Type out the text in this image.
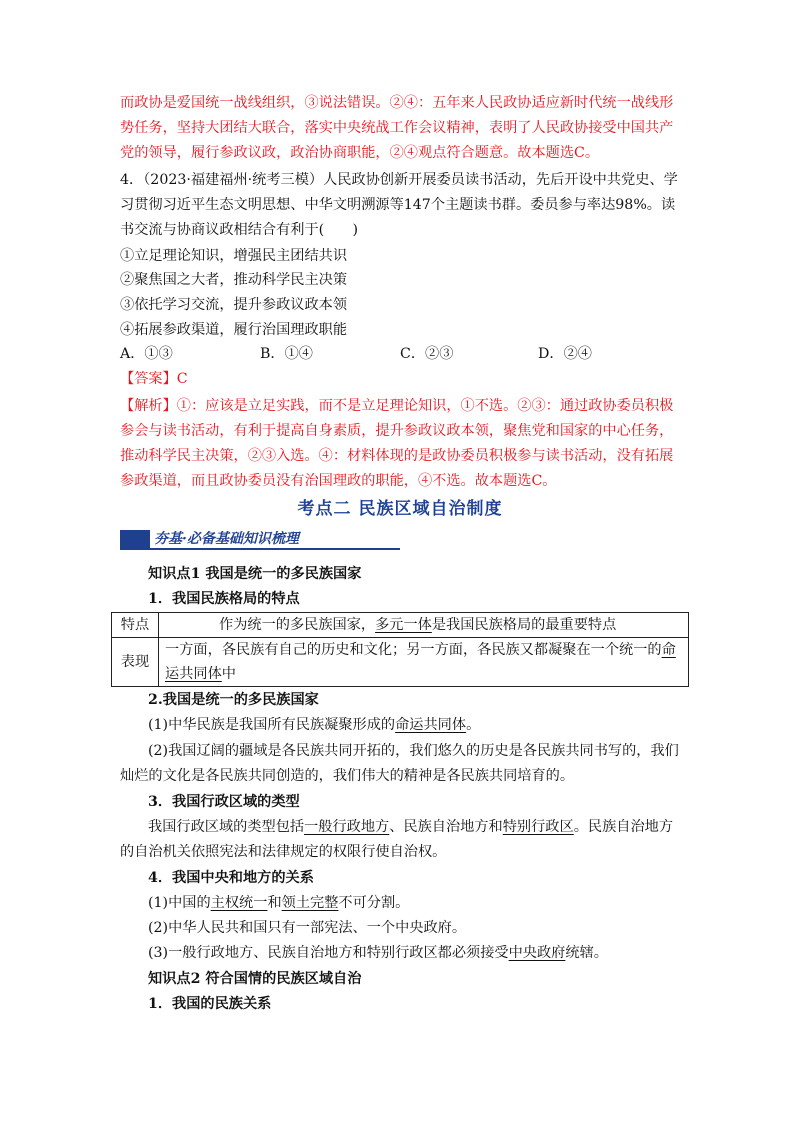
而政协是爱国统一战线组织，③说法错误。②④：五年来人民政协适应新时代统一战线形
势任务，坚持大团结大联合，落实中央统战工作会议精神，表明了人民政协接受中国共产
党的领导，履行参政议政，政治协商职能，②④观点符合题意。故本题选C。
4．（2023·福建福州·统考三模）人民政协创新开展委员读书活动，先后开设中共党史、学
习贯彻习近平生态文明思想、中华文明溯源等147个主题读书群。委员参与率达98%。读
书交流与协商议政相结合有利于(　　)
①立足理论知识，增强民主团结共识
②聚焦国之大者，推动科学民主决策
③依托学习交流，提升参政议政本领
④拓展参政渠道，履行治国理政职能
A．①③	B．①④	C．②③	D．②④
【答案】C
【解析】①：应该是立足实践，而不是立足理论知识，①不选。②③：通过政协委员积极
参会与读书活动，有利于提高自身素质，提升参政议政本领，聚焦党和国家的中心任务，
推动科学民主决策，②③入选。④：材料体现的是政协委员积极参与读书活动，没有拓展
参政渠道，而且政协委员没有治国理政的职能，④不选。故本题选C。
考点二 民族区域自治制度
夯基·必备基础知识梳理
知识点1 我国是统一的多民族国家
1．我国民族格局的特点
特点	作为统一的多民族国家，多元一体是我国民族格局的最重要特点
表现	一方面，各民族有自己的历史和文化；另一方面，各民族又都凝聚在一个统一的命运共同体中
2.我国是统一的多民族国家
(1)中华民族是我国所有民族凝聚形成的命运共同体。
(2)我国辽阔的疆域是各民族共同开拓的，我们悠久的历史是各民族共同书写的，我们
灿烂的文化是各民族共同创造的，我们伟大的精神是各民族共同培育的。
3．我国行政区域的类型
我国行政区域的类型包括一般行政地方、民族自治地方和特别行政区。民族自治地方
的自治机关依照宪法和法律规定的权限行使自治权。
4．我国中央和地方的关系
(1)中国的主权统一和领土完整不可分割。
(2)中华人民共和国只有一部宪法、一个中央政府。
(3)一般行政地方、民族自治地方和特别行政区都必须接受中央政府统辖。
知识点2 符合国情的民族区域自治
1．我国的民族关系
